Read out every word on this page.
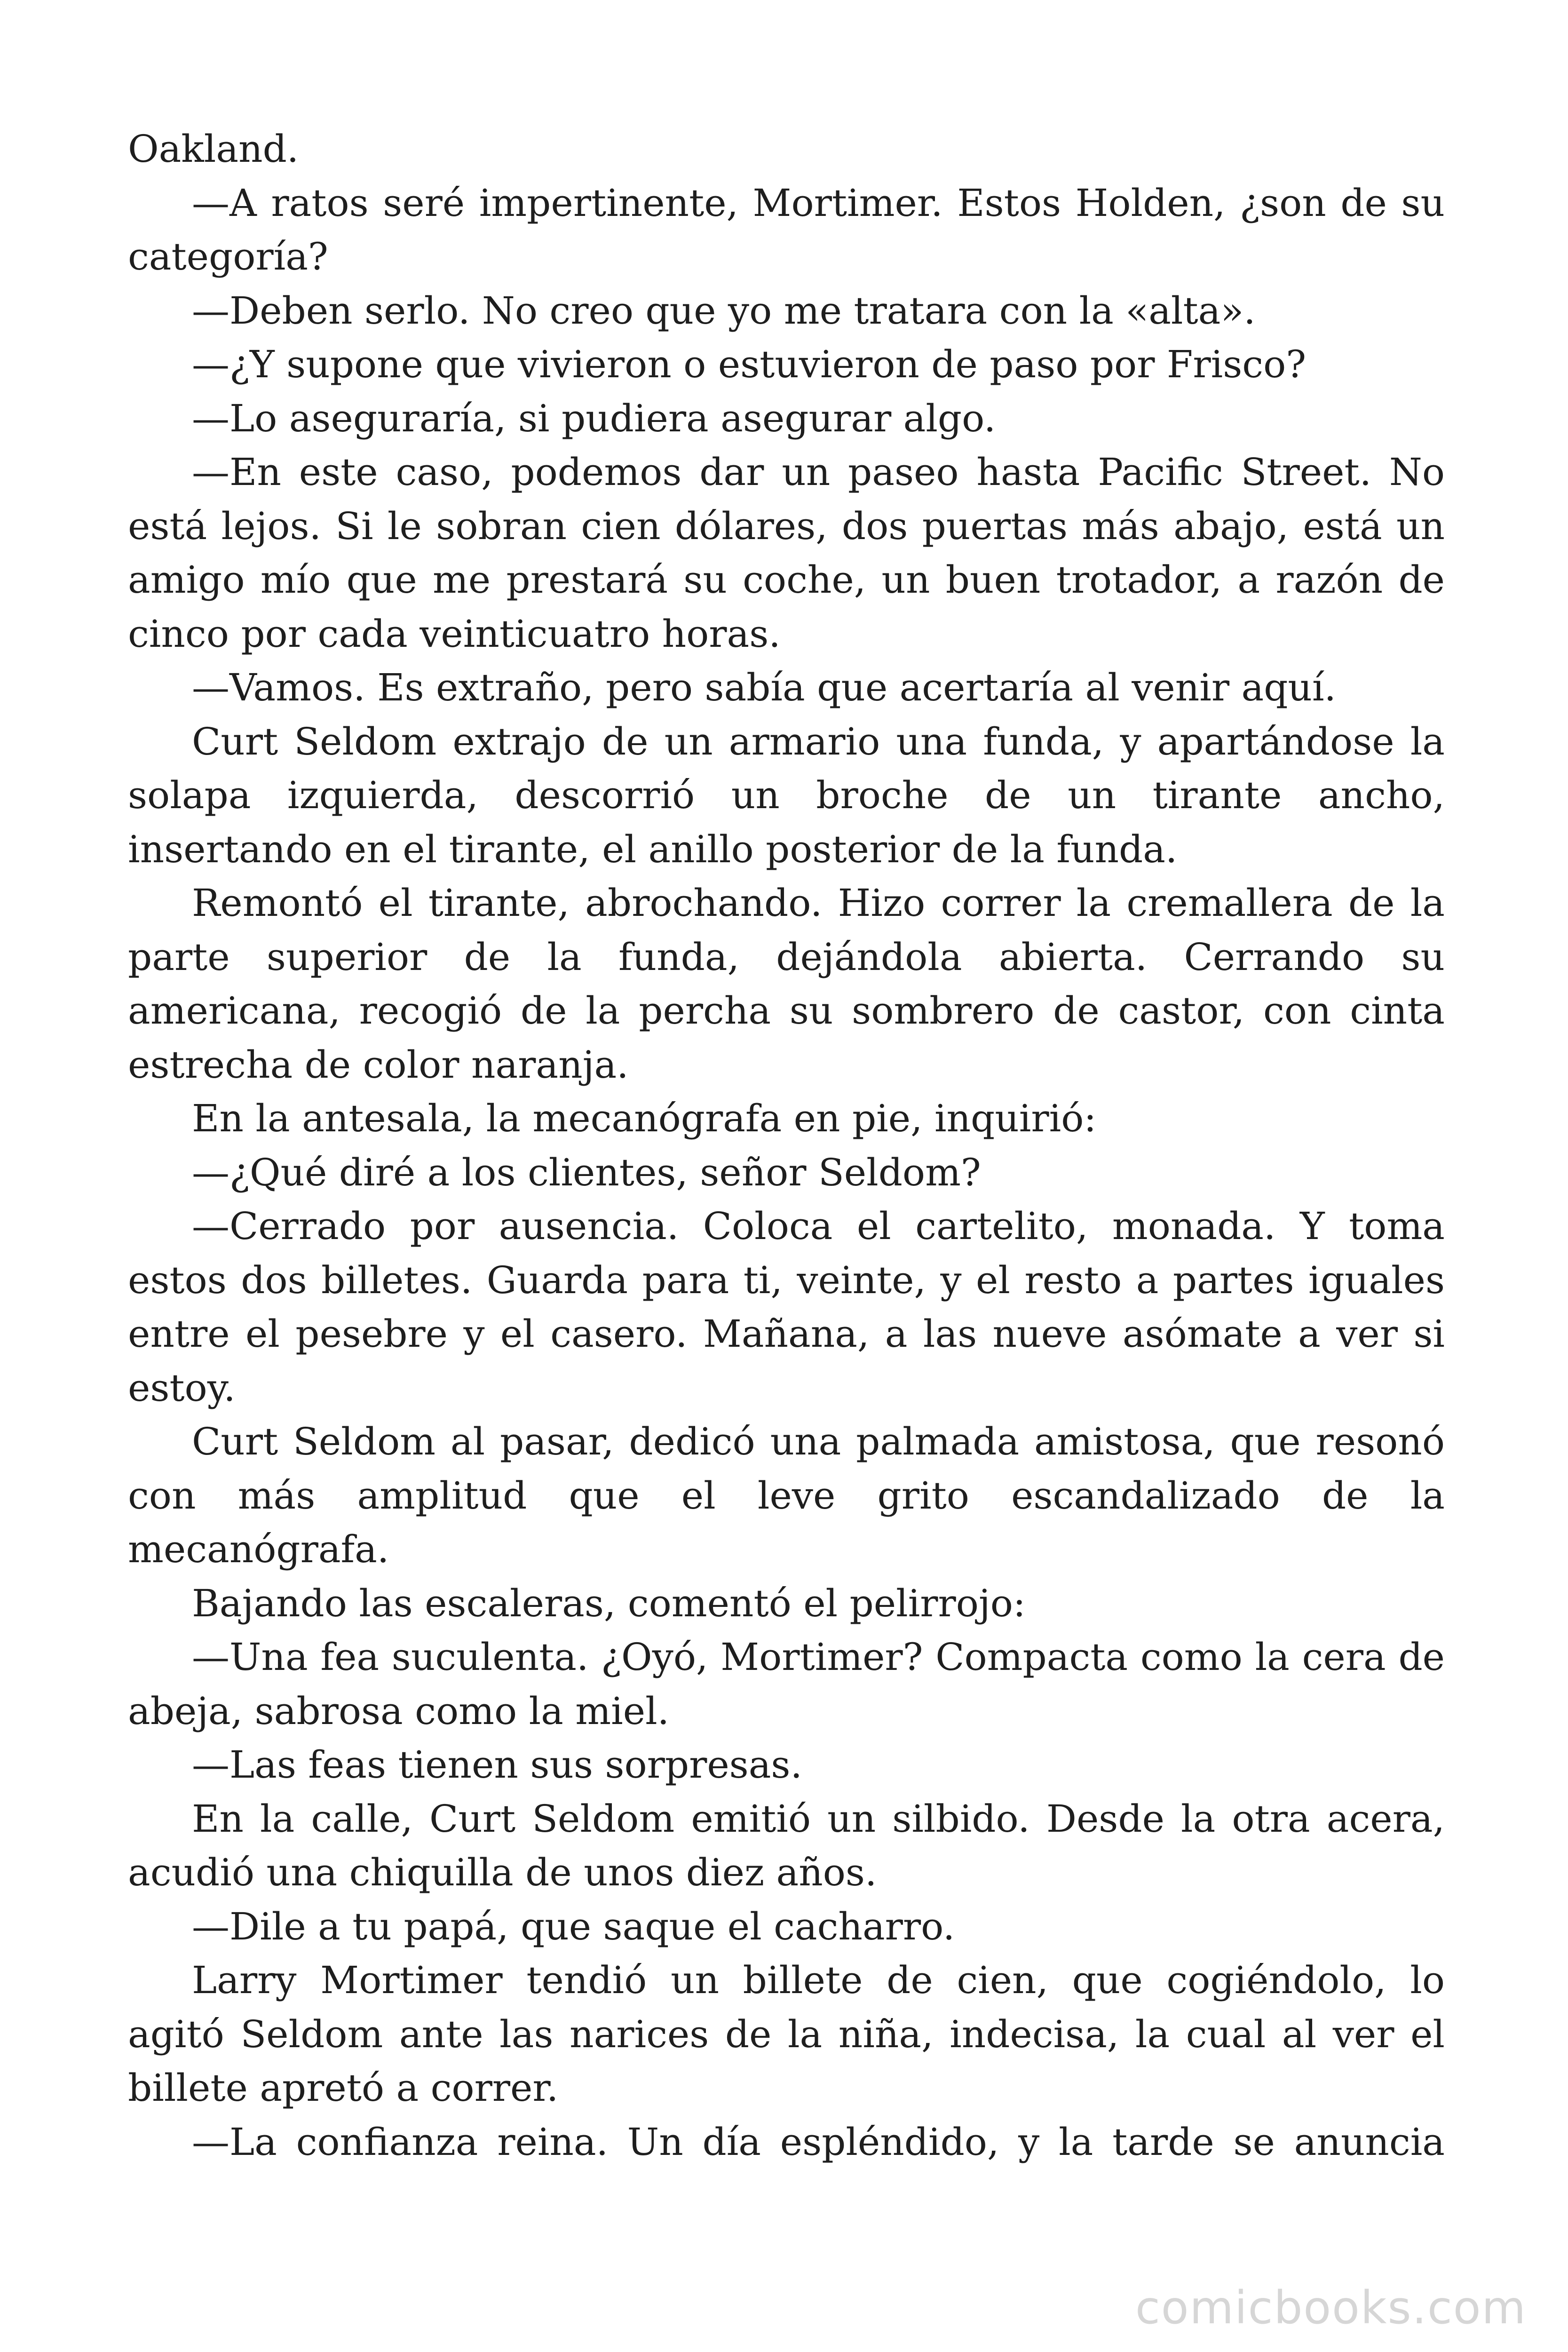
Oakland.

—A ratos seré impertinente, Mortimer. Estos Holden, ¿son de su categoría?

—Deben serlo. No creo que yo me tratara con la «alta».

—¿Y supone que vivieron o estuvieron de paso por Frisco?

—Lo aseguraría, si pudiera asegurar algo.

—En este caso, podemos dar un paseo hasta Pacific Street. No está lejos. Si le sobran cien dólares, dos puertas más abajo, está un amigo mío que me prestará su coche, un buen trotador, a razón de cinco por cada veinticuatro horas.

—Vamos. Es extraño, pero sabía que acertaría al venir aquí.

Curt Seldom extrajo de un armario una funda, y apartándose la solapa izquierda, descorrió un broche de un tirante ancho, insertando en el tirante, el anillo posterior de la funda.

Remontó el tirante, abrochando. Hizo correr la cremallera de la parte superior de la funda, dejándola abierta. Cerrando su americana, recogió de la percha su sombrero de castor, con cinta estrecha de color naranja.

En la antesala, la mecanógrafa en pie, inquirió:

—¿Qué diré a los clientes, señor Seldom?

—Cerrado por ausencia. Coloca el cartelito, monada. Y toma estos dos billetes. Guarda para ti, veinte, y el resto a partes iguales entre el pesebre y el casero. Mañana, a las nueve asómate a ver si estoy.

Curt Seldom al pasar, dedicó una palmada amistosa, que resonó con más amplitud que el leve grito escandalizado de la mecanógrafa.

Bajando las escaleras, comentó el pelirrojo:

—Una fea suculenta. ¿Oyó, Mortimer? Compacta como la cera de abeja, sabrosa como la miel.

—Las feas tienen sus sorpresas.

En la calle, Curt Seldom emitió un silbido. Desde la otra acera, acudió una chiquilla de unos diez años.

—Dile a tu papá, que saque el cacharro.

Larry Mortimer tendió un billete de cien, que cogiéndolo, lo agitó Seldom ante las narices de la niña, indecisa, la cual al ver el billete apretó a correr.

—La confianza reina. Un día espléndido, y la tarde se anuncia

comicbooks.com
